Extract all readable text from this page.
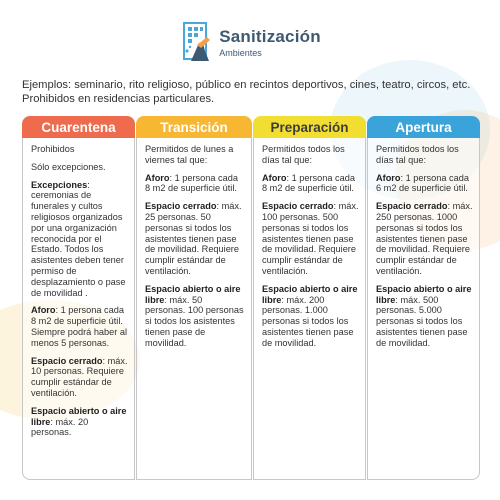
Sanitización
Ambientes

Ejemplos: seminario, rito religioso, público en recintos deportivos, cines, teatro, circos, etc.

Prohibidos en residencias particulares.

Cuarentena

Prohibidos

Sólo excepciones.

Excepciones: ceremonias de funerales y cultos religiosos organizados por una organización reconocida por el Estado. Todos los asistentes deben tener permiso de desplazamiento o pase de movilidad .

Aforo: 1 persona cada 8 m2 de superficie útil. Siempre podrá haber al menos 5 personas.

Espacio cerrado: máx. 10 personas. Requiere cumplir estándar de ventilación.

Espacio abierto o aire libre: máx. 20 personas.

Transición

Permitidos de lunes a viernes tal que:

Aforo: 1 persona cada 8 m2 de superficie útil.

Espacio cerrado: máx. 25 personas. 50 personas si todos los asistentes tienen pase de movilidad. Requiere cumplir estándar de ventilación.

Espacio abierto o aire libre: máx. 50 personas. 100 personas si todos los asistentes tienen pase de movilidad.

Preparación

Permitidos todos los días tal que:

Aforo: 1 persona cada 8 m2 de superficie útil.

Espacio cerrado: máx. 100 personas. 500 personas si todos los asistentes tienen pase de movilidad. Requiere cumplir estándar de ventilación.

Espacio abierto o aire libre: máx. 200 personas. 1.000 personas si todos los asistentes tienen pase de movilidad.

Apertura

Permitidos todos los días tal que:

Aforo: 1 persona cada 6 m2 de superficie útil.

Espacio cerrado: máx. 250 personas. 1000 personas si todos los asistentes tienen pase de movilidad. Requiere cumplir estándar de ventilación.

Espacio abierto o aire libre: máx. 500 personas. 5.000 personas si todos los asistentes tienen pase de movilidad.
